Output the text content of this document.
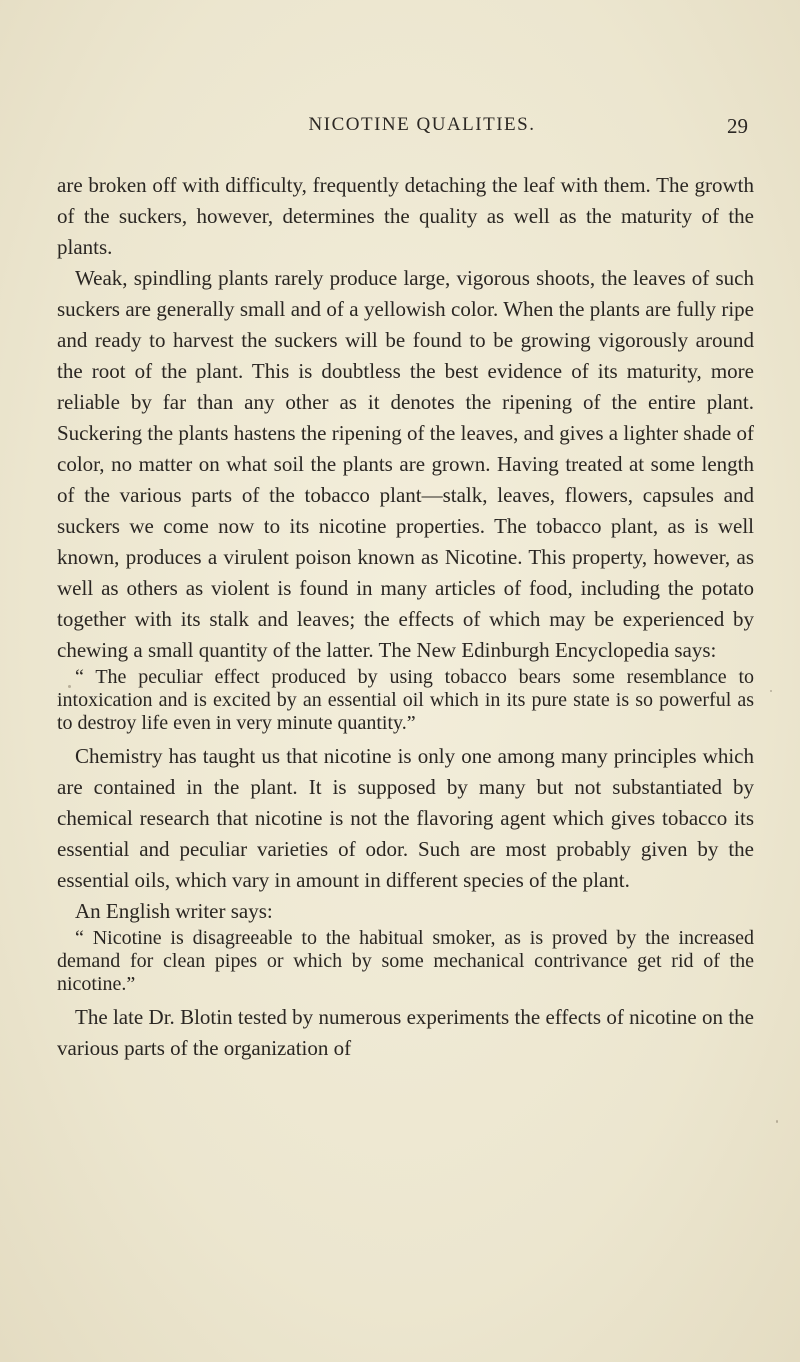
NICOTINE QUALITIES.	29

are broken off with difficulty, frequently detaching the leaf with them. The growth of the suckers, however, determines the quality as well as the maturity of the plants.

Weak, spindling plants rarely produce large, vigorous shoots, the leaves of such suckers are generally small and of a yellowish color. When the plants are fully ripe and ready to harvest the suckers will be found to be growing vigorously around the root of the plant. This is doubtless the best evidence of its maturity, more reliable by far than any other as it denotes the ripening of the entire plant. Suckering the plants hastens the ripening of the leaves, and gives a lighter shade of color, no matter on what soil the plants are grown. Having treated at some length of the various parts of the tobacco plant—stalk, leaves, flowers, capsules and suckers we come now to its nicotine properties. The tobacco plant, as is well known, produces a virulent poison known as Nicotine. This property, however, as well as others as violent is found in many articles of food, including the potato together with its stalk and leaves; the effects of which may be experienced by chewing a small quantity of the latter. The New Edinburgh Encyclopedia says:

“ The peculiar effect produced by using tobacco bears some resemblance to intoxication and is excited by an essential oil which in its pure state is so powerful as to destroy life even in very minute quantity.”

Chemistry has taught us that nicotine is only one among many principles which are contained in the plant. It is supposed by many but not substantiated by chemical research that nicotine is not the flavoring agent which gives tobacco its essential and peculiar varieties of odor. Such are most probably given by the essential oils, which vary in amount in different species of the plant.

An English writer says:

“ Nicotine is disagreeable to the habitual smoker, as is proved by the increased demand for clean pipes or which by some mechanical contrivance get rid of the nicotine.”

The late Dr. Blotin tested by numerous experiments the effects of nicotine on the various parts of the organization of
